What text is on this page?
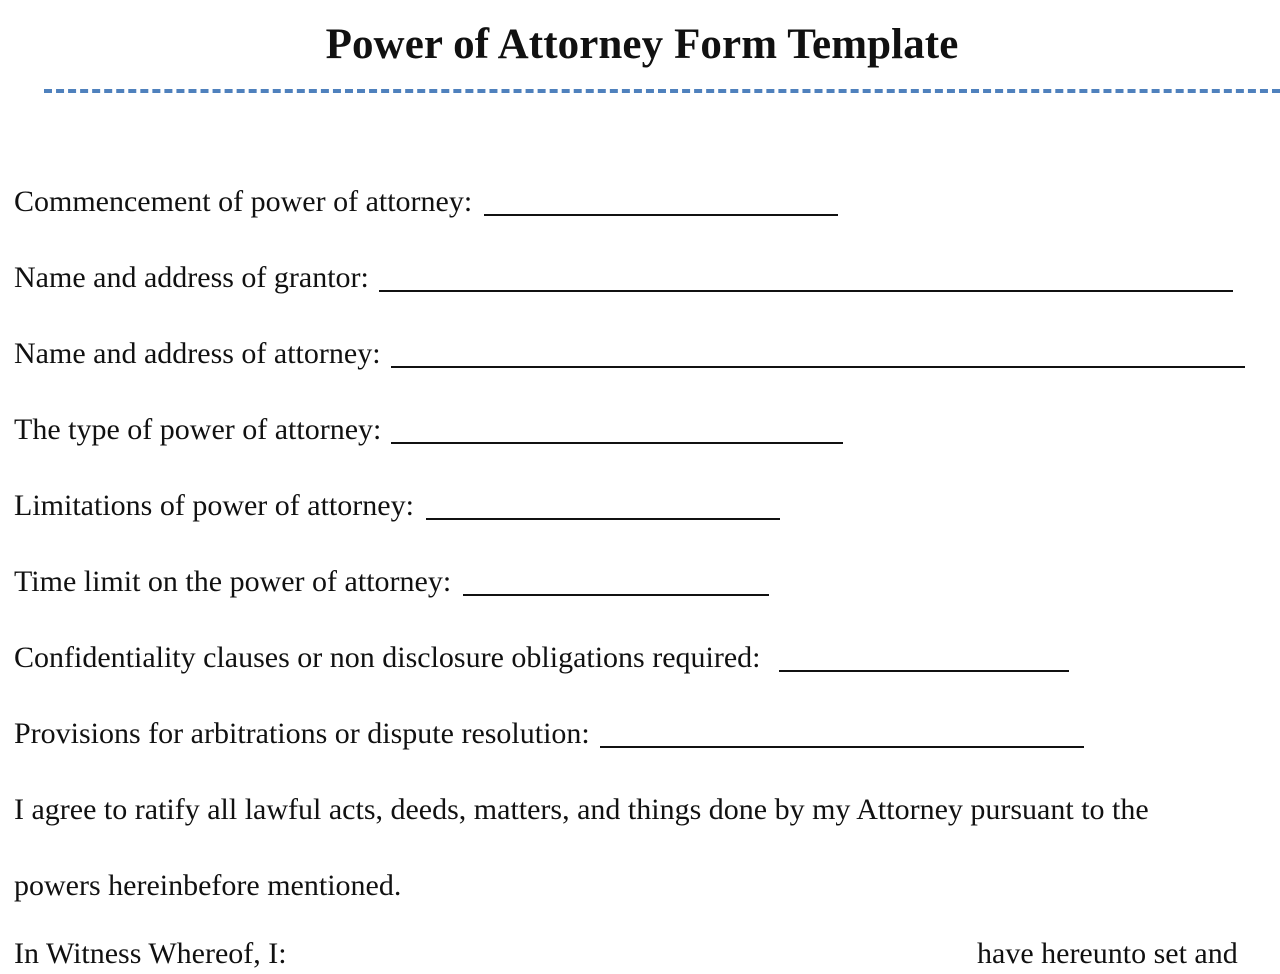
Power of Attorney Form Template
Commencement of power of attorney:
Name and address of grantor:
Name and address of attorney:
The type of power of attorney:
Limitations of power of attorney:
Time limit on the power of attorney:
Confidentiality clauses or non disclosure obligations required:
Provisions for arbitrations or dispute resolution:
I agree to ratify all lawful acts, deeds, matters, and things done by my Attorney pursuant to the
powers hereinbefore mentioned.
In Witness Whereof, I:	have hereunto set and
